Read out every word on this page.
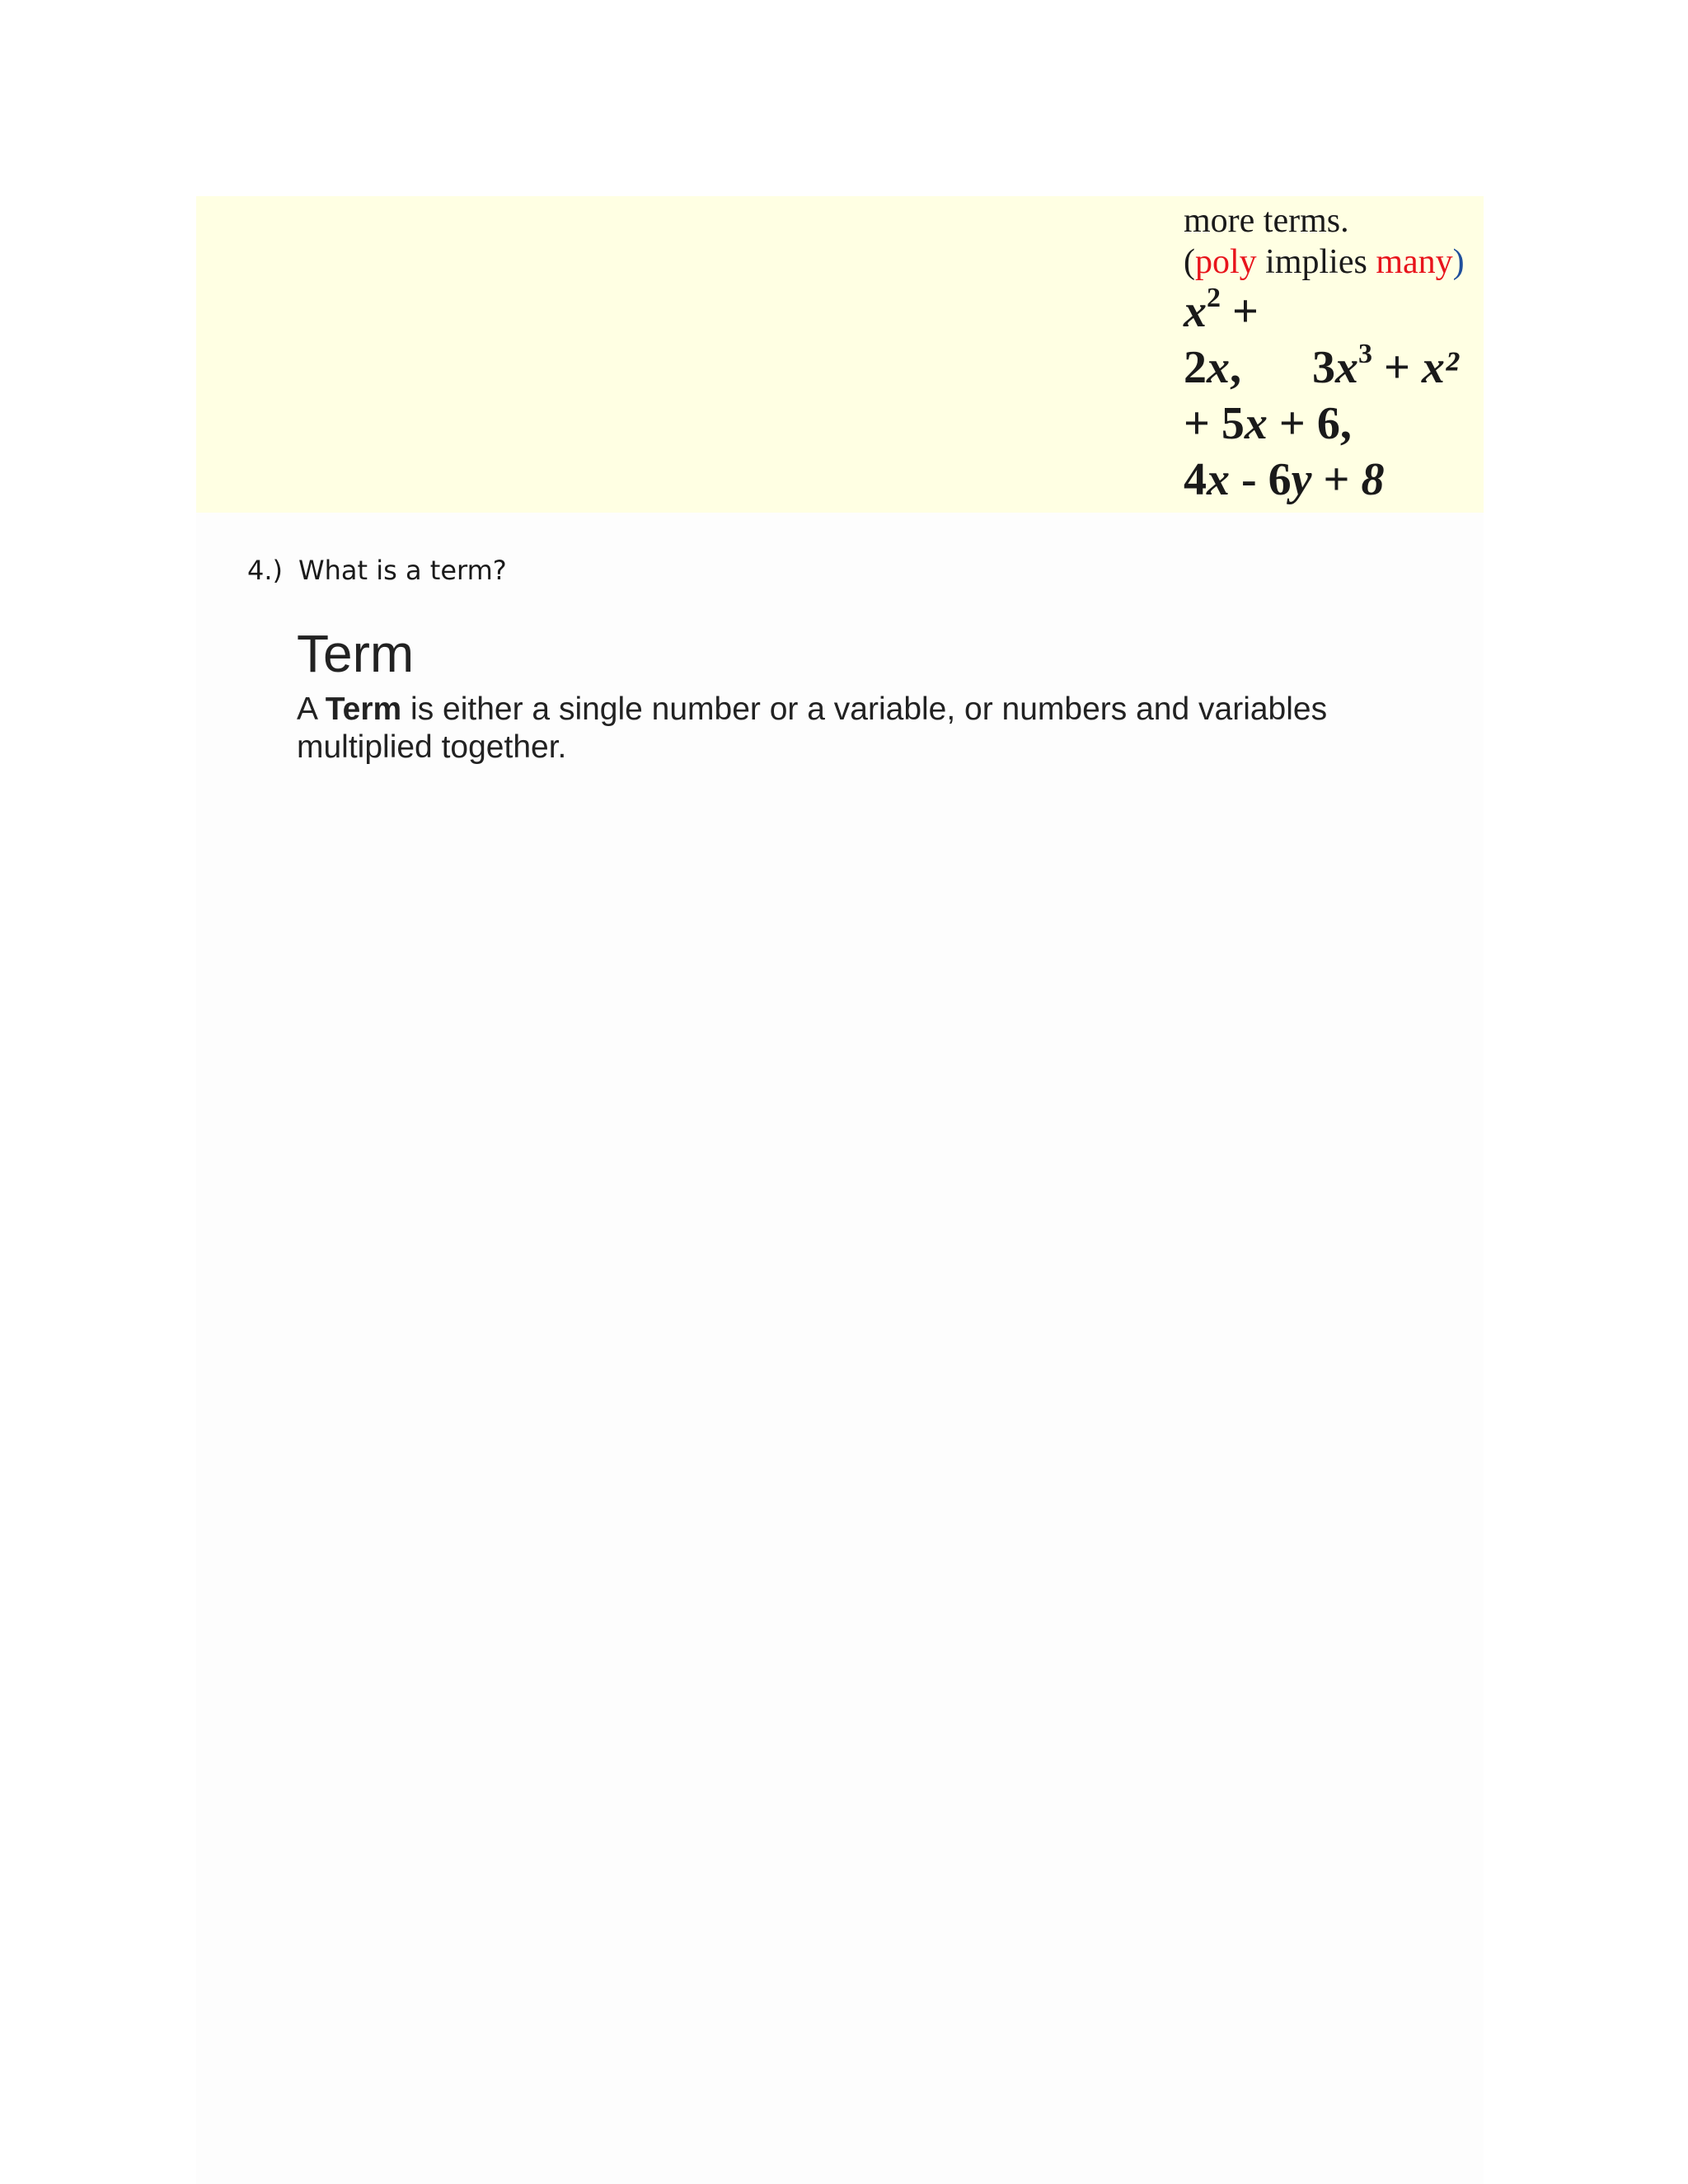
more terms.
(poly implies many)
$x^2$ +
2x, $3x^3 + x^2$
+ 5x + 6,
4x - 6y + 8
4.) What is a term?
Term
A Term is either a single number or a variable, or numbers and variables multiplied together.
